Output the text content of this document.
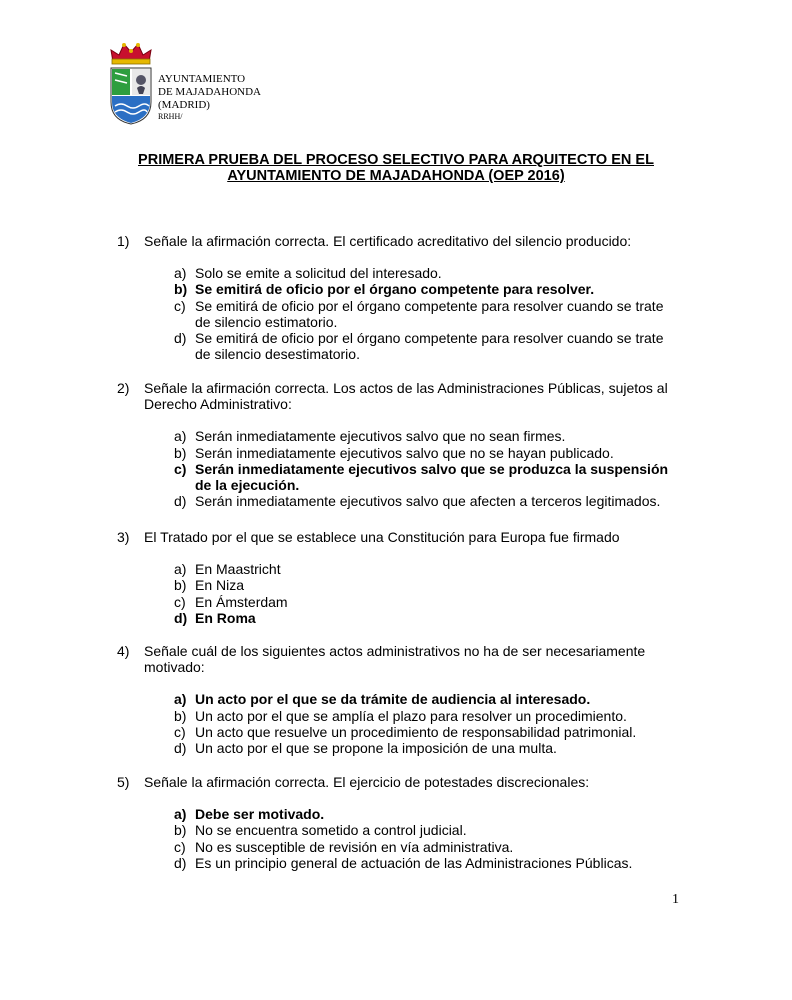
AYUNTAMIENTO
DE MAJADAHONDA
(MADRID)
RRHH/
PRIMERA PRUEBA DEL PROCESO SELECTIVO PARA ARQUITECTO EN EL
AYUNTAMIENTO DE MAJADAHONDA (OEP 2016)
1) Señale la afirmación correcta. El certificado acreditativo del silencio producido:
a) Solo se emite a solicitud del interesado.
b) Se emitirá de oficio por el órgano competente para resolver.
c) Se emitirá de oficio por el órgano competente para resolver cuando se trate de silencio estimatorio.
d) Se emitirá de oficio por el órgano competente para resolver cuando se trate de silencio desestimatorio.
2) Señale la afirmación correcta. Los actos de las Administraciones Públicas, sujetos al Derecho Administrativo:
a) Serán inmediatamente ejecutivos salvo que no sean firmes.
b) Serán inmediatamente ejecutivos salvo que no se hayan publicado.
c) Serán inmediatamente ejecutivos salvo que se produzca la suspensión de la ejecución.
d) Serán inmediatamente ejecutivos salvo que afecten a terceros legitimados.
3) El Tratado por el que se establece una Constitución para Europa fue firmado
a) En Maastricht
b) En Niza
c) En Ámsterdam
d) En Roma
4) Señale cuál de los siguientes actos administrativos no ha de ser necesariamente motivado:
a) Un acto por el que se da trámite de audiencia al interesado.
b) Un acto por el que se amplía el plazo para resolver un procedimiento.
c) Un acto que resuelve un procedimiento de responsabilidad patrimonial.
d) Un acto por el que se propone la imposición de una multa.
5) Señale la afirmación correcta. El ejercicio de potestades discrecionales:
a) Debe ser motivado.
b) No se encuentra sometido a control judicial.
c) No es susceptible de revisión en vía administrativa.
d) Es un principio general de actuación de las Administraciones Públicas.
1
